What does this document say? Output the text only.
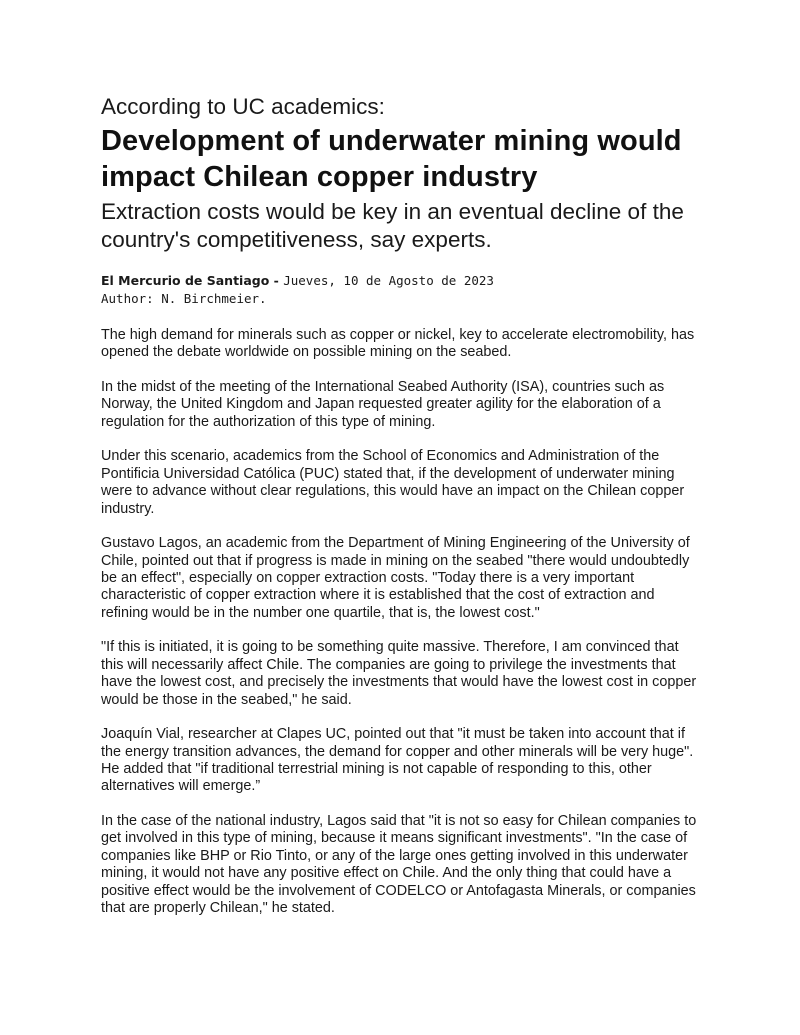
According to UC academics:
Development of underwater mining would impact Chilean copper industry
Extraction costs would be key in an eventual decline of the country's competitiveness, say experts.
El Mercurio de Santiago - Jueves, 10 de Agosto de 2023
Author: N. Birchmeier.

The high demand for minerals such as copper or nickel, key to accelerate electromobility, has opened the debate worldwide on possible mining on the seabed.

In the midst of the meeting of the International Seabed Authority (ISA), countries such as Norway, the United Kingdom and Japan requested greater agility for the elaboration of a regulation for the authorization of this type of mining.

Under this scenario, academics from the School of Economics and Administration of the Pontificia Universidad Católica (PUC) stated that, if the development of underwater mining were to advance without clear regulations, this would have an impact on the Chilean copper industry.

Gustavo Lagos, an academic from the Department of Mining Engineering of the University of Chile, pointed out that if progress is made in mining on the seabed "there would undoubtedly be an effect", especially on copper extraction costs. "Today there is a very important characteristic of copper extraction where it is established that the cost of extraction and refining would be in the number one quartile, that is, the lowest cost."

"If this is initiated, it is going to be something quite massive. Therefore, I am convinced that this will necessarily affect Chile. The companies are going to privilege the investments that have the lowest cost, and precisely the investments that would have the lowest cost in copper would be those in the seabed," he said.

Joaquín Vial, researcher at Clapes UC, pointed out that "it must be taken into account that if the energy transition advances, the demand for copper and other minerals will be very huge". He added that "if traditional terrestrial mining is not capable of responding to this, other alternatives will emerge.”

In the case of the national industry, Lagos said that "it is not so easy for Chilean companies to get involved in this type of mining, because it means significant investments". "In the case of companies like BHP or Rio Tinto, or any of the large ones getting involved in this underwater mining, it would not have any positive effect on Chile. And the only thing that could have a positive effect would be the involvement of CODELCO or Antofagasta Minerals, or companies that are properly Chilean," he stated.
